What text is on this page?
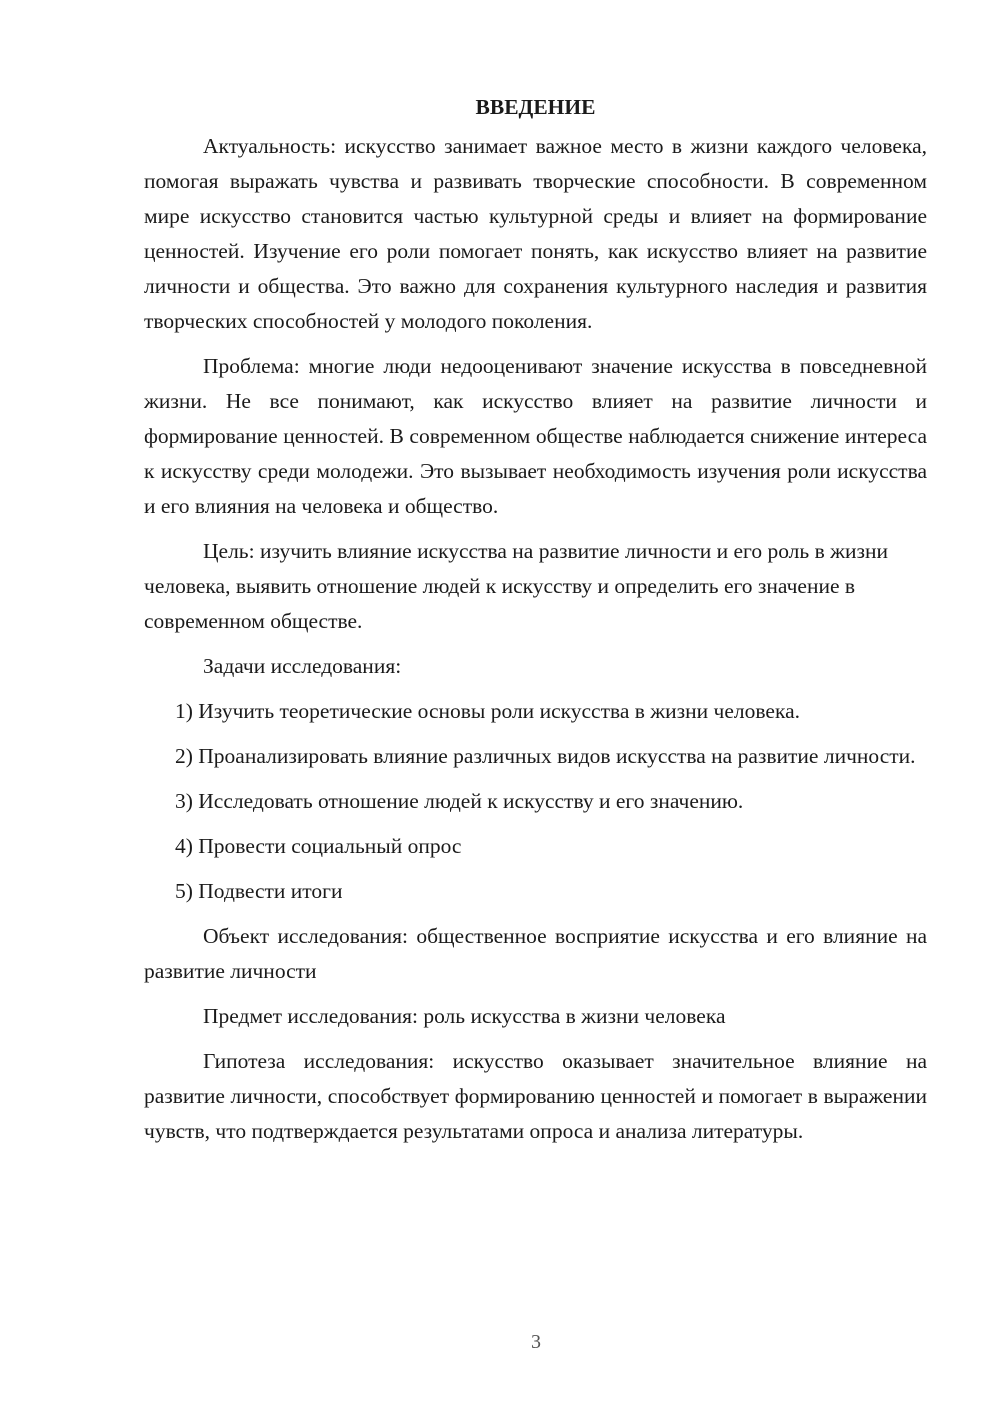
ВВЕДЕНИЕ

Актуальность: искусство занимает важное место в жизни каждого человека, помогая выражать чувства и развивать творческие способности. В современном мире искусство становится частью культурной среды и влияет на формирование ценностей. Изучение его роли помогает понять, как искусство влияет на развитие личности и общества. Это важно для сохранения культурного наследия и развития творческих способностей у молодого поколения.

Проблема: многие люди недооценивают значение искусства в повседневной жизни. Не все понимают, как искусство влияет на развитие личности и формирование ценностей. В современном обществе наблюдается снижение интереса к искусству среди молодежи. Это вызывает необходимость изучения роли искусства и его влияния на человека и общество.

Цель: изучить влияние искусства на развитие личности и его роль в жизни человека, выявить отношение людей к искусству и определить его значение в современном обществе.

Задачи исследования:

1) Изучить теоретические основы роли искусства в жизни человека.

2) Проанализировать влияние различных видов искусства на развитие личности.

3) Исследовать отношение людей к искусству и его значению.

4) Провести социальный опрос

5) Подвести итоги

Объект исследования: общественное восприятие искусства и его влияние на развитие личности

Предмет исследования: роль искусства в жизни человека

Гипотеза исследования: искусство оказывает значительное влияние на развитие личности, способствует формированию ценностей и помогает в выражении чувств, что подтверждается результатами опроса и анализа литературы.

3
